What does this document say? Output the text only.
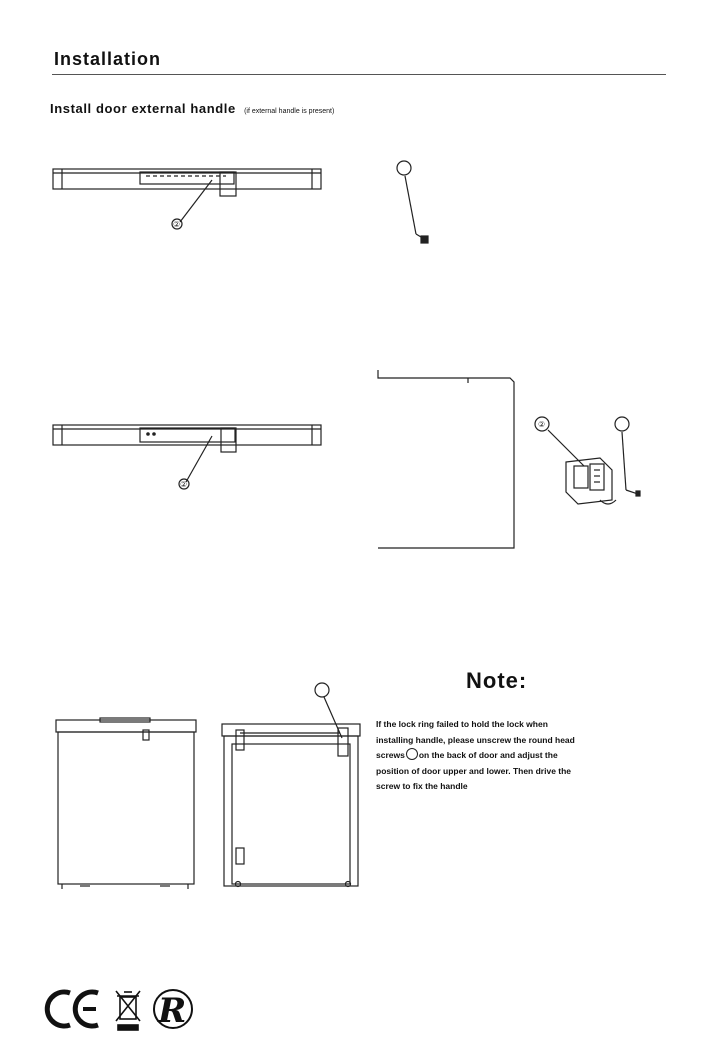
Installation
Install door external handle (if external handle is present)
②
②
②
Note:
If the lock ring failed to hold the lock when
installing handle, please unscrew the round head
screws on the back of door and adjust the
position of door upper and lower. Then drive the
screw to fix the handle
R
